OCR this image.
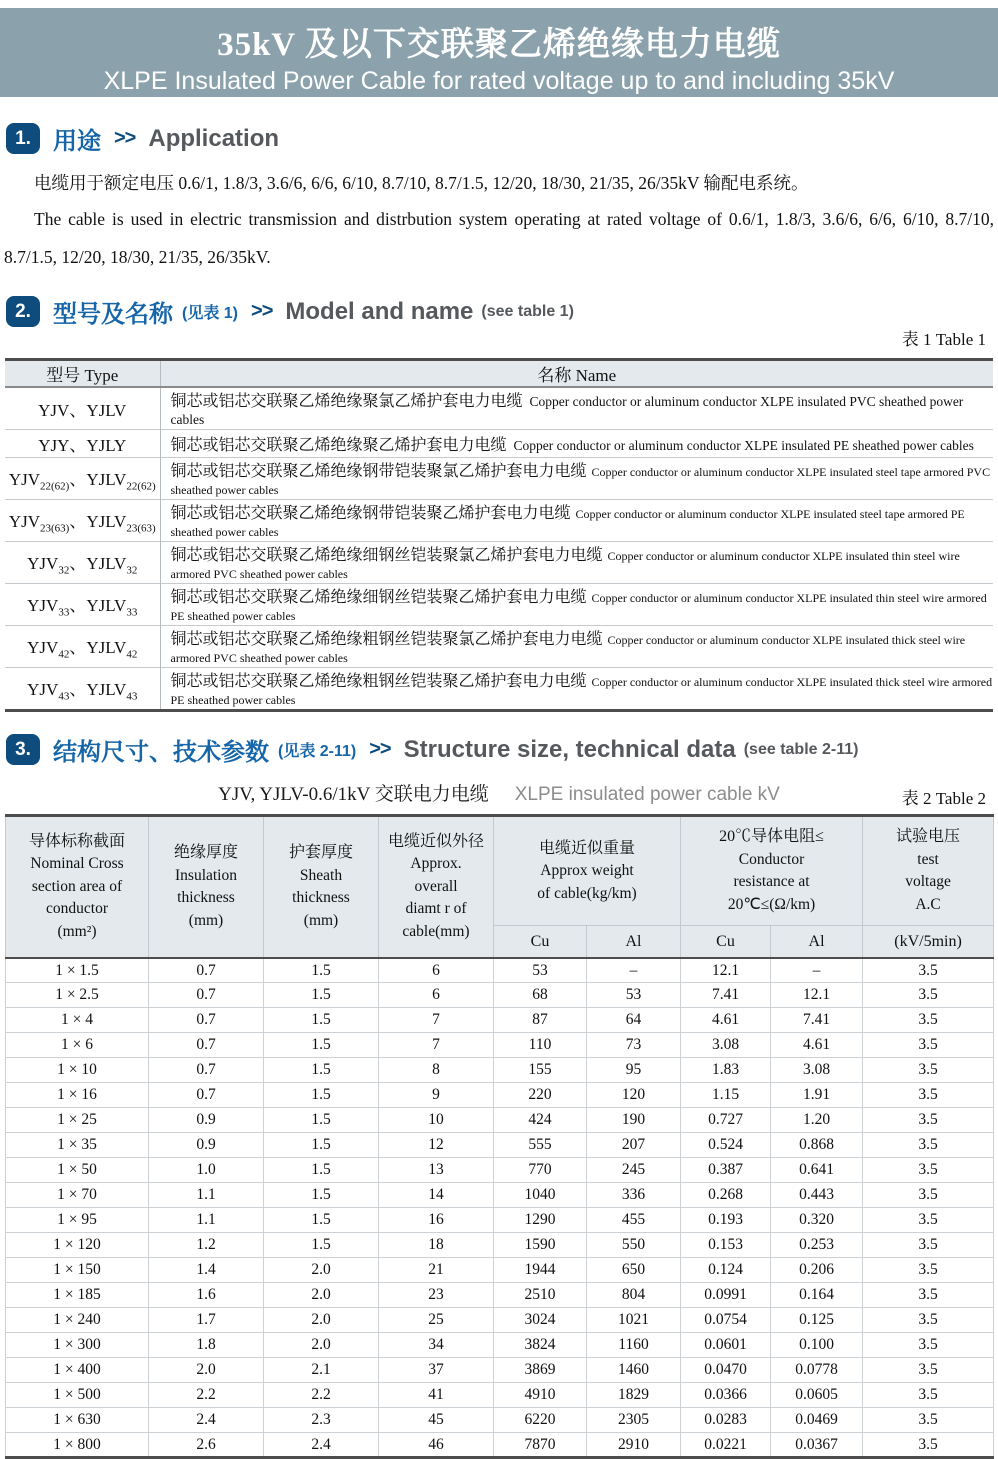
35kV 及以下交联聚乙烯绝缘电力电缆
XLPE Insulated Power Cable for rated voltage up to and including 35kV
1. 用途 >> Application

电缆用于额定电压 0.6/1, 1.8/3, 3.6/6, 6/6, 6/10, 8.7/10, 8.7/1.5, 12/20, 18/30, 21/35, 26/35kV 输配电系统。

The cable is used in electric transmission and distrbution system operating at rated voltage of 0.6/1, 1.8/3, 3.6/6, 6/6, 6/10, 8.7/10, 8.7/1.5, 12/20, 18/30, 21/35, 26/35kV.

2. 型号及名称 (见表 1) >> Model and name (see table 1)
表 1 Table 1
型号 Type	名称 Name
YJV、YJLV	铜芯或铝芯交联聚乙烯绝缘聚氯乙烯护套电力电缆 Copper conductor or aluminum conductor XLPE insulated PVC sheathed power cables
YJY、YJLY	铜芯或铝芯交联聚乙烯绝缘聚乙烯护套电力电缆 Copper conductor or aluminum conductor XLPE insulated PE sheathed power cables
$YJV_{22(62)}$、$YJLV_{22(62)}$	铜芯或铝芯交联聚乙烯绝缘钢带铠装聚氯乙烯护套电力电缆 Copper conductor or aluminum conductor XLPE insulated steel tape armored PVC sheathed power cables
$YJV_{23(63)}$、$YJLV_{23(63)}$	铜芯或铝芯交联聚乙烯绝缘钢带铠装聚乙烯护套电力电缆 Copper conductor or aluminum conductor XLPE insulated steel tape armored PE sheathed power cables
$YJV_{32}$、$YJLV_{32}$	铜芯或铝芯交联聚乙烯绝缘细钢丝铠装聚氯乙烯护套电力电缆 Copper conductor or aluminum conductor XLPE insulated thin steel wire armored PVC sheathed power cables
$YJV_{33}$、$YJLV_{33}$	铜芯或铝芯交联聚乙烯绝缘细钢丝铠装聚乙烯护套电力电缆 Copper conductor or aluminum conductor XLPE insulated thin steel wire armored PE sheathed power cables
$YJV_{42}$、$YJLV_{42}$	铜芯或铝芯交联聚乙烯绝缘粗钢丝铠装聚氯乙烯护套电力电缆 Copper conductor or aluminum conductor XLPE insulated thick steel wire armored PVC sheathed power cables
$YJV_{43}$、$YJLV_{43}$	铜芯或铝芯交联聚乙烯绝缘粗钢丝铠装聚乙烯护套电力电缆 Copper conductor or aluminum conductor XLPE insulated thick steel wire armored PE sheathed power cables
3. 结构尺寸、技术参数 (见表 2-11) >> Structure size, technical data (see table 2-11)
YJV, YJLV-0.6/1kV 交联电力电缆 XLPE insulated power cable kV	表 2 Table 2
导体标称截面
Nominal Cross
section area of
conductor
(mm²)

绝缘厚度
Insulation
thickness
(mm)

护套厚度
Sheath
thickness
(mm)

电缆近似外径
Approx.
overall
diamt r of
cable(mm)

电缆近似重量
Approx weight
of cable(kg/km)

20℃导体电阻≤
Conductor
resistance at
20℃≤(Ω/km)

试验电压
test
voltage
A.C

				Cu	Al	Cu	Al	(kV/5min)
1 × 1.5	0.7	1.5	6	53	–	12.1	–	3.5
1 × 2.5	0.7	1.5	6	68	53	7.41	12.1	3.5
1 × 4	0.7	1.5	7	87	64	4.61	7.41	3.5
1 × 6	0.7	1.5	7	110	73	3.08	4.61	3.5
1 × 10	0.7	1.5	8	155	95	1.83	3.08	3.5
1 × 16	0.7	1.5	9	220	120	1.15	1.91	3.5
1 × 25	0.9	1.5	10	424	190	0.727	1.20	3.5
1 × 35	0.9	1.5	12	555	207	0.524	0.868	3.5
1 × 50	1.0	1.5	13	770	245	0.387	0.641	3.5
1 × 70	1.1	1.5	14	1040	336	0.268	0.443	3.5
1 × 95	1.1	1.5	16	1290	455	0.193	0.320	3.5
1 × 120	1.2	1.5	18	1590	550	0.153	0.253	3.5
1 × 150	1.4	2.0	21	1944	650	0.124	0.206	3.5
1 × 185	1.6	2.0	23	2510	804	0.0991	0.164	3.5
1 × 240	1.7	2.0	25	3024	1021	0.0754	0.125	3.5
1 × 300	1.8	2.0	34	3824	1160	0.0601	0.100	3.5
1 × 400	2.0	2.1	37	3869	1460	0.0470	0.0778	3.5
1 × 500	2.2	2.2	41	4910	1829	0.0366	0.0605	3.5
1 × 630	2.4	2.3	45	6220	2305	0.0283	0.0469	3.5
1 × 800	2.6	2.4	46	7870	2910	0.0221	0.0367	3.5
